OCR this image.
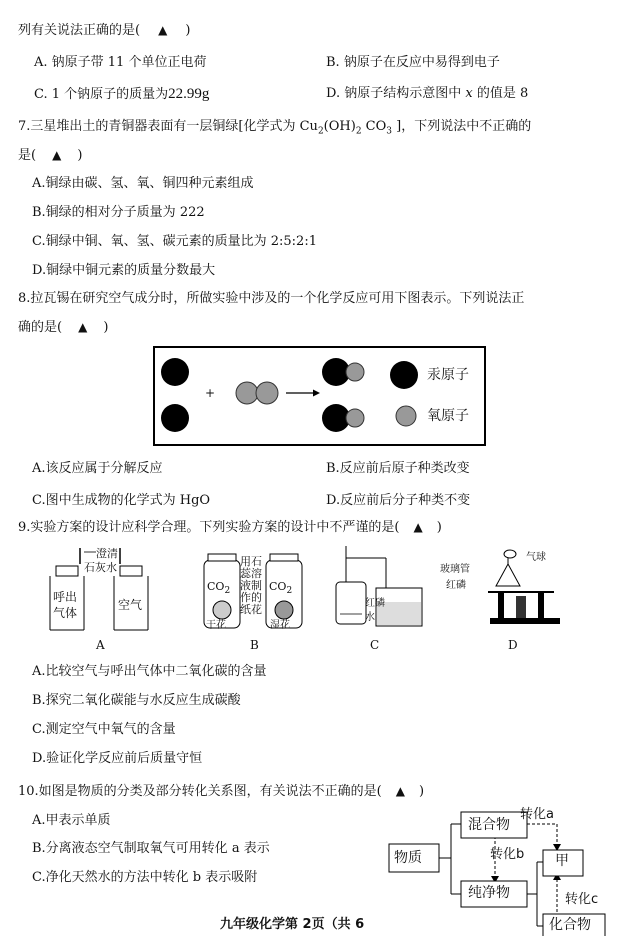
列有关说法正确的是( ▲ )
A. 钠原子带 11 个单位正电荷	B. 钠原子在反应中易得到电子
C. 1 个钠原子的质量为22.99g	D. 钠原子结构示意图中 x 的值是 8
7.三星堆出土的青铜器表面有一层铜绿[化学式为 $Cu_2(OH)_2$ $CO_3$ ]，下列说法中不正确的
是( ▲ )
A.铜绿由碳、氢、氧、铜四种元素组成
B.铜绿的相对分子质量为 222
C.铜绿中铜、氧、氢、碳元素的质量比为 2:5:2:1
D.铜绿中铜元素的质量分数最大
8.拉瓦锡在研究空气成分时，所做实验中涉及的一个化学反应可用下图表示。下列说法正
确的是( ▲ )
+
汞原子
氧原子
A.该反应属于分解反应	B.反应前后原子种类改变
C.图中生成物的化学式为 HgO	D.反应前后分子种类不变
9.实验方案的设计应科学合理。下列实验方案的设计中不严谨的是( ▲ )
澄清
石灰水
呼出
气体
空气
$CO_2$	$CO_2$
用石
蕊溶
液制
作的
纸花
干花	湿花
红磷
水
玻璃管
红磷
气球
A	B	C	D
A.比较空气与呼出气体中二氧化碳的含量
B.探究二氧化碳能与水反应生成碳酸
C.测定空气中氧气的含量
D.验证化学反应前后质量守恒
10.如图是物质的分类及部分转化关系图，有关说法不正确的是( ▲ )
A.甲表示单质
B.分离液态空气制取氧气可用转化 a 表示
C.净化天然水的方法中转化 b 表示吸附
物质
混合物
纯净物
甲
化合物
转化a
转化b
转化c
九年级化学第 2页（共 6
